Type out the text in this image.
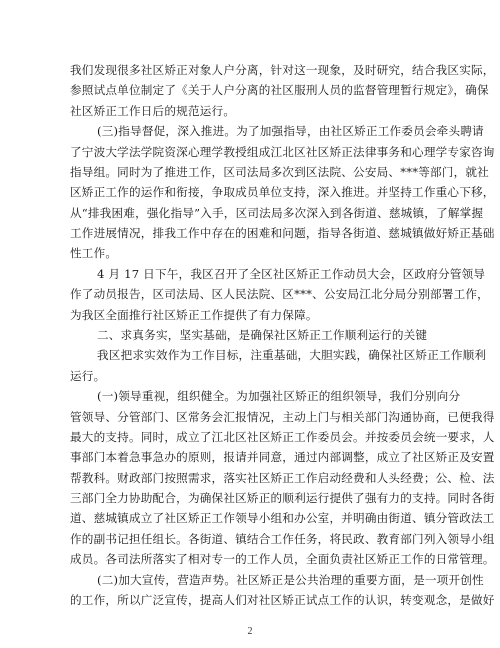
我们发现很多社区矫正对象人户分离，针对这一现象，及时研究，结合我区实际，
参照试点单位制定了《关于人户分离的社区服刑人员的监督管理暂行规定》，确保
社区矫正工作日后的规范运行。
(三)指导督促，深入推进。为了加强指导，由社区矫正工作委员会牵头聘请
了宁波大学法学院资深心理学教授组成江北区社区矫正法律事务和心理学专家咨询
指导组。同时为了推进工作，区司法局多次到区法院、公安局、***等部门，就社
区矫正工作的运作和衔接，争取成员单位支持，深入推进。并坚持工作重心下移，
从“排我困难，强化指导”入手，区司法局多次深入到各街道、慈城镇，了解掌握
工作进展情况，排我工作中存在的困难和问题，指导各街道、慈城镇做好矫正基础
性工作。
4 月 17 日下午，我区召开了全区社区矫正工作动员大会，区政府分管领导
作了动员报告，区司法局、区人民法院、区***、公安局江北分局分别部署工作，
为我区全面推行社区矫正工作提供了有力保障。
二、求真务实，坚实基础，是确保社区矫正工作顺利运行的关键
我区把求实效作为工作目标，注重基础，大胆实践，确保社区矫正工作顺利
运行。
(一)领导重视，组织健全。为加强社区矫正的组织领导，我们分别向分
管领导、分管部门、区常务会汇报情况，主动上门与相关部门沟通协商，已便我得
最大的支持。同时，成立了江北区社区矫正工作委员会。并按委员会统一要求，人
事部门本着急事急办的原则，报请并同意，通过内部调整，成立了社区矫正及安置
帮教科。财政部门按照需求，落实社区矫正工作启动经费和人头经费；公、检、法
三部门全力协助配合，为确保社区矫正的顺利运行提供了强有力的支持。同时各街
道、慈城镇成立了社区矫正工作领导小组和办公室，并明确由街道、镇分管政法工
作的副书记担任组长。各街道、镇结合工作任务，将民政、教育部门列入领导小组
成员。各司法所落实了相对专一的工作人员，全面负责社区矫正工作的日常管理。
(二)加大宣传，营造声势。社区矫正是公共治理的重要方面，是一项开创性
的工作，所以广泛宣传，提高人们对社区矫正试点工作的认识，转变观念，是做好
2
